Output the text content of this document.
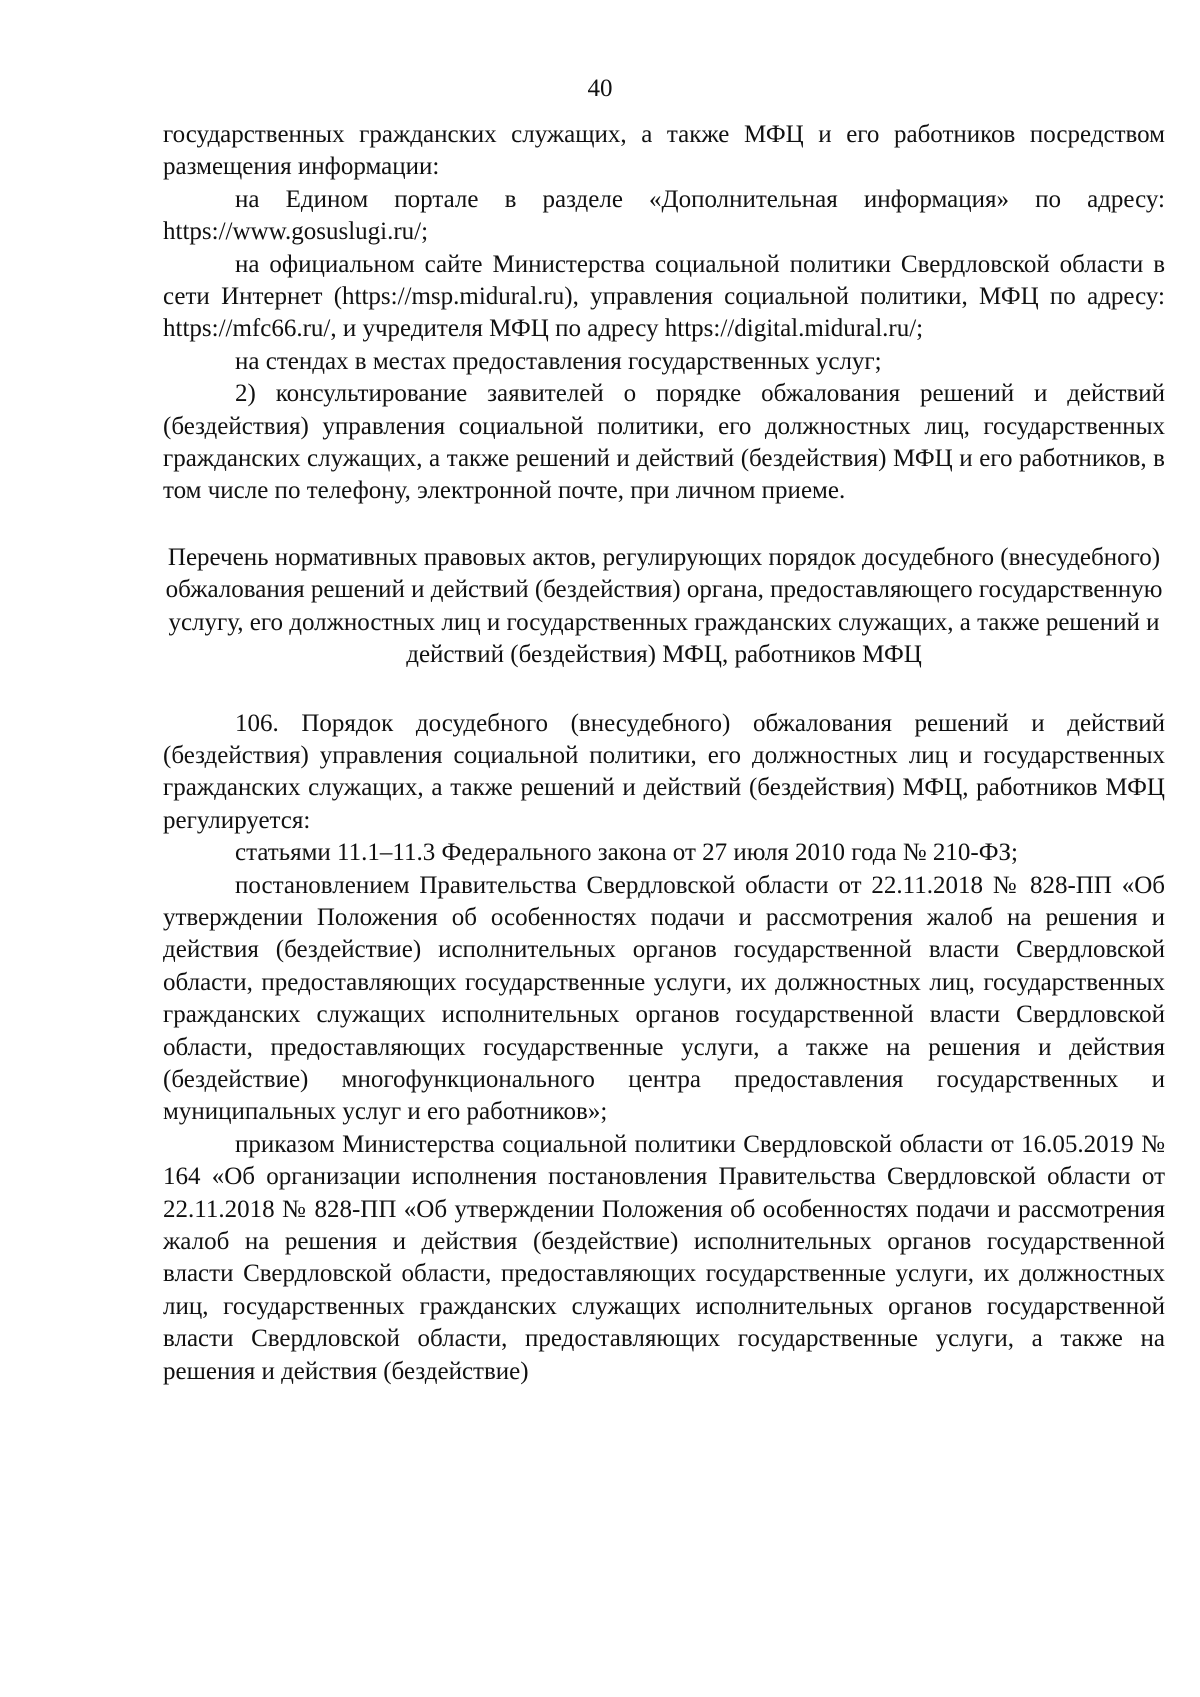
40

государственных гражданских служащих, а также МФЦ и его работников посредством размещения информации:

на Едином портале в разделе «Дополнительная информация» по адресу: https://www.gosuslugi.ru/;

на официальном сайте Министерства социальной политики Свердловской области в сети Интернет (https://msp.midural.ru), управления социальной политики, МФЦ по адресу: https://mfc66.ru/, и учредителя МФЦ по адресу https://digital.midural.ru/;

на стендах в местах предоставления государственных услуг;

2) консультирование заявителей о порядке обжалования решений и действий (бездействия) управления социальной политики, его должностных лиц, государственных гражданских служащих, а также решений и действий (бездействия) МФЦ и его работников, в том числе по телефону, электронной почте, при личном приеме.

Перечень нормативных правовых актов, регулирующих порядок досудебного (внесудебного) обжалования решений и действий (бездействия) органа, предоставляющего государственную услугу, его должностных лиц и государственных гражданских служащих, а также решений и действий (бездействия) МФЦ, работников МФЦ

106. Порядок досудебного (внесудебного) обжалования решений и действий (бездействия) управления социальной политики, его должностных лиц и государственных гражданских служащих, а также решений и действий (бездействия) МФЦ, работников МФЦ регулируется:

статьями 11.1–11.3 Федерального закона от 27 июля 2010 года № 210-ФЗ;

постановлением Правительства Свердловской области от 22.11.2018 № 828-ПП «Об утверждении Положения об особенностях подачи и рассмотрения жалоб на решения и действия (бездействие) исполнительных органов государственной власти Свердловской области, предоставляющих государственные услуги, их должностных лиц, государственных гражданских служащих исполнительных органов государственной власти Свердловской области, предоставляющих государственные услуги, а также на решения и действия (бездействие) многофункционального центра предоставления государственных и муниципальных услуг и его работников»;

приказом Министерства социальной политики Свердловской области от 16.05.2019 № 164 «Об организации исполнения постановления Правительства Свердловской области от 22.11.2018 № 828-ПП «Об утверждении Положения об особенностях подачи и рассмотрения жалоб на решения и действия (бездействие) исполнительных органов государственной власти Свердловской области, предоставляющих государственные услуги, их должностных лиц, государственных гражданских служащих исполнительных органов государственной власти Свердловской области, предоставляющих государственные услуги, а также на решения и действия (бездействие)
